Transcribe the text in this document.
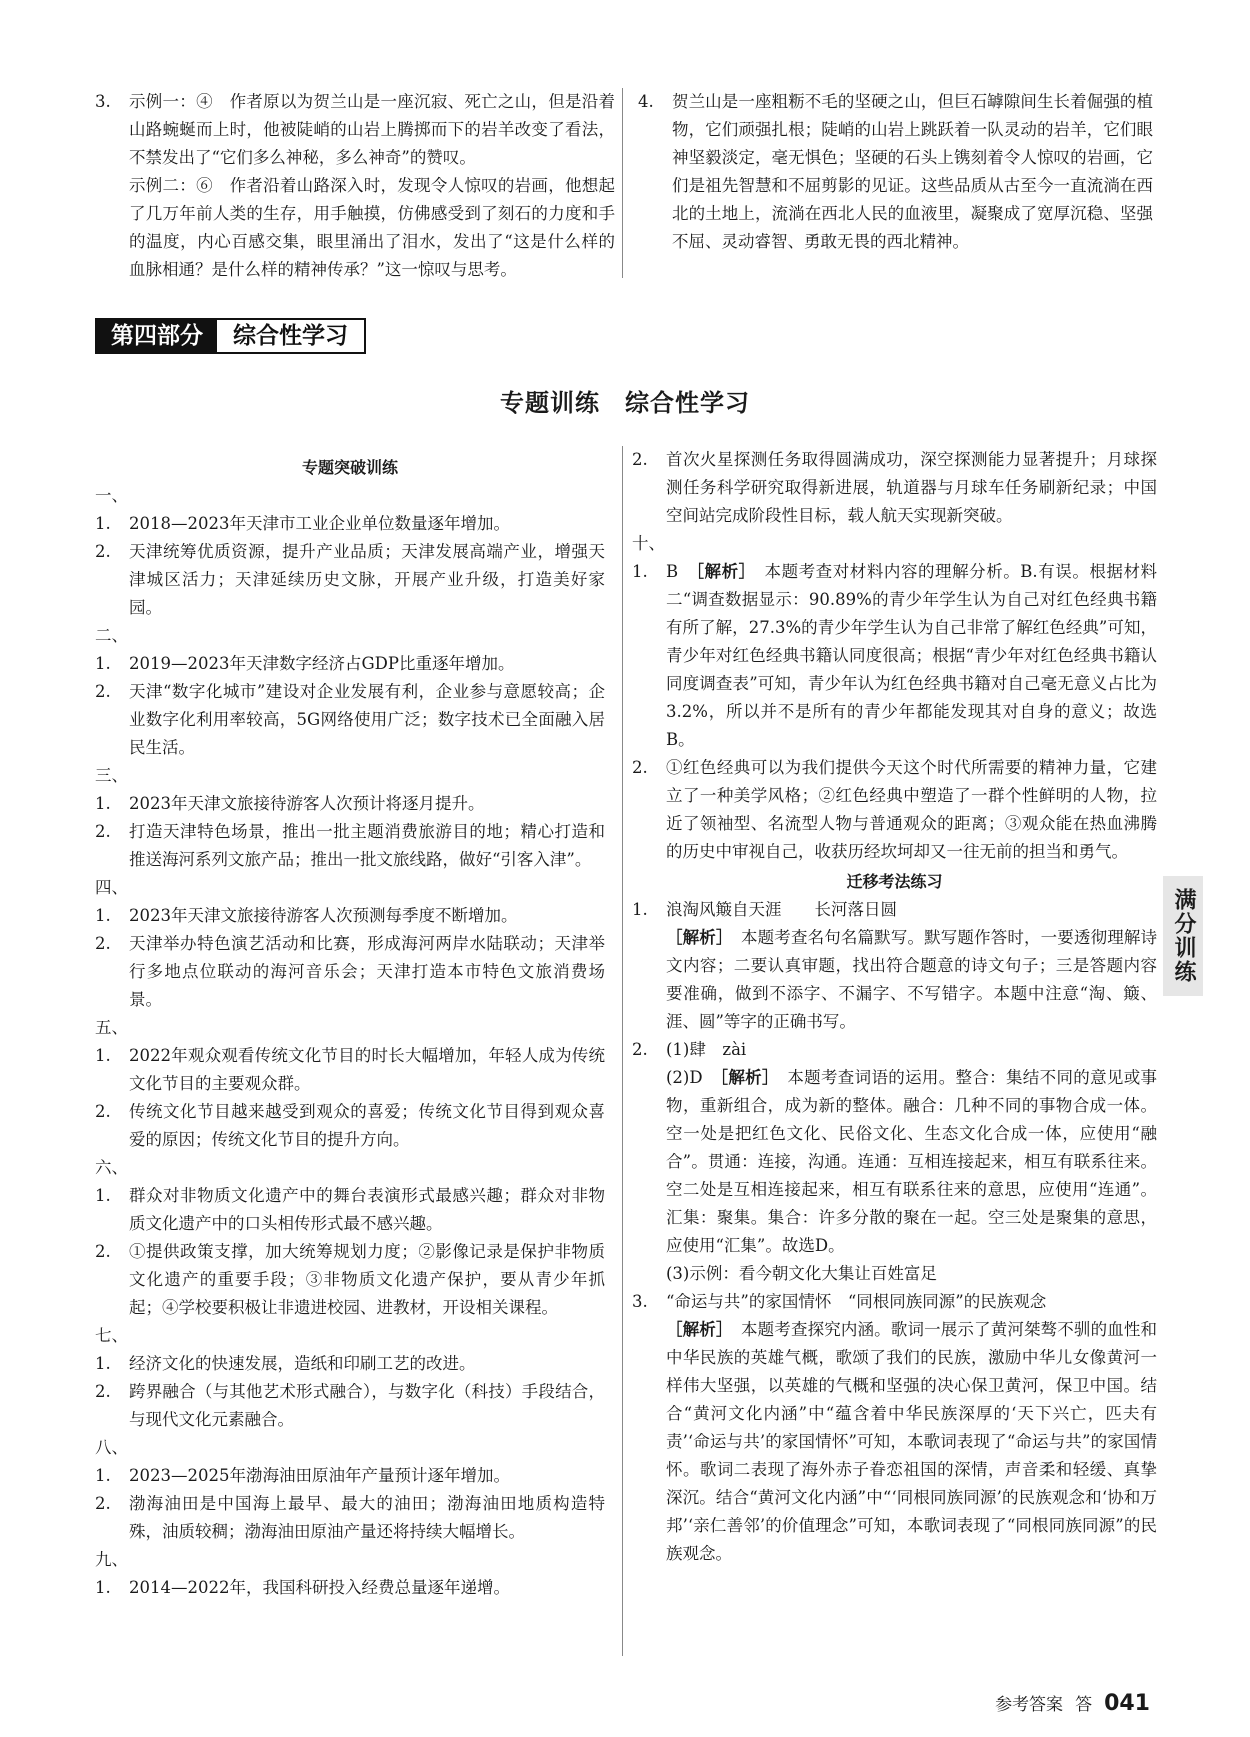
3.	示例一：④　作者原以为贺兰山是一座沉寂、死亡之山，但是沿着山路蜿蜒而上时，他被陡峭的山岩上腾掷而下的岩羊改变了看法，不禁发出了“它们多么神秘，多么神奇”的赞叹。

示例二：⑥　作者沿着山路深入时，发现令人惊叹的岩画，他想起了几万年前人类的生存，用手触摸，仿佛感受到了刻石的力度和手的温度，内心百感交集，眼里涌出了泪水，发出了“这是什么样的血脉相通？是什么样的精神传承？”这一惊叹与思考。

4.	贺兰山是一座粗粝不毛的坚硬之山，但巨石罅隙间生长着倔强的植物，它们顽强扎根；陡峭的山岩上跳跃着一队灵动的岩羊，它们眼神坚毅淡定，毫无惧色；坚硬的石头上镌刻着令人惊叹的岩画，它们是祖先智慧和不屈剪影的见证。这些品质从古至今一直流淌在西北的土地上，流淌在西北人民的血液里，凝聚成了宽厚沉稳、坚强不屈、灵动睿智、勇敢无畏的西北精神。

第四部分	综合性学习
专题训练　综合性学习

专题突破训练

一、

1.	2018—2023年天津市工业企业单位数量逐年增加。

2.	天津统筹优质资源，提升产业品质；天津发展高端产业，增强天津城区活力；天津延续历史文脉，开展产业升级，打造美好家园。

二、

1.	2019—2023年天津数字经济占GDP比重逐年增加。

2.	天津“数字化城市”建设对企业发展有利，企业参与意愿较高；企业数字化利用率较高，5G网络使用广泛；数字技术已全面融入居民生活。

三、

1.	2023年天津文旅接待游客人次预计将逐月提升。

2.	打造天津特色场景，推出一批主题消费旅游目的地；精心打造和推送海河系列文旅产品；推出一批文旅线路，做好“引客入津”。

四、

1.	2023年天津文旅接待游客人次预测每季度不断增加。

2.	天津举办特色演艺活动和比赛，形成海河两岸水陆联动；天津举行多地点位联动的海河音乐会；天津打造本市特色文旅消费场景。

五、

1.	2022年观众观看传统文化节目的时长大幅增加，年轻人成为传统文化节目的主要观众群。

2.	传统文化节目越来越受到观众的喜爱；传统文化节目得到观众喜爱的原因；传统文化节目的提升方向。

六、

1.	群众对非物质文化遗产中的舞台表演形式最感兴趣；群众对非物质文化遗产中的口头相传形式最不感兴趣。

2.	①提供政策支撑，加大统筹规划力度；②影像记录是保护非物质文化遗产的重要手段；③非物质文化遗产保护，要从青少年抓起；④学校要积极让非遗进校园、进教材，开设相关课程。

七、

1.	经济文化的快速发展，造纸和印刷工艺的改进。

2.	跨界融合（与其他艺术形式融合），与数字化（科技）手段结合，与现代文化元素融合。

八、

1.	2023—2025年渤海油田原油年产量预计逐年增加。

2.	渤海油田是中国海上最早、最大的油田；渤海油田地质构造特殊，油质较稠；渤海油田原油产量还将持续大幅增长。

九、

1.	2014—2022年，我国科研投入经费总量逐年递增。

2.	首次火星探测任务取得圆满成功，深空探测能力显著提升；月球探测任务科学研究取得新进展，轨道器与月球车任务刷新纪录；中国空间站完成阶段性目标，载人航天实现新突破。

十、

1.	B　 ［解析］　 本题考查对材料内容的理解分析。B.有误。根据材料二“调查数据显示：90.89%的青少年学生认为自己对红色经典书籍有所了解，27.3%的青少年学生认为自己非常了解红色经典”可知，青少年对红色经典书籍认同度很高；根据“青少年对红色经典书籍认同度调查表”可知，青少年认为红色经典书籍对自己毫无意义占比为3.2%，所以并不是所有的青少年都能发现其对自身的意义；故选B。

2.	①红色经典可以为我们提供今天这个时代所需要的精神力量，它建立了一种美学风格；②红色经典中塑造了一群个性鲜明的人物，拉近了领袖型、名流型人物与普通观众的距离；③观众能在热血沸腾的历史中审视自己，收获历经坎坷却又一往无前的担当和勇气。

迁移考法练习

1.	浪淘风簸自天涯　　长河落日圆

［解析］　 本题考查名句名篇默写。默写题作答时，一要透彻理解诗文内容；二要认真审题，找出符合题意的诗文句子；三是答题内容要准确，做到不添字、不漏字、不写错字。本题中注意“淘、簸、涯、圆”等字的正确书写。

2.	(1)肆　zài

(2)D　 ［解析］　 本题考查词语的运用。整合：集结不同的意见或事物，重新组合，成为新的整体。融合：几种不同的事物合成一体。空一处是把红色文化、民俗文化、生态文化合成一体，应使用“融合”。贯通：连接，沟通。连通：互相连接起来，相互有联系往来。空二处是互相连接起来，相互有联系往来的意思，应使用“连通”。汇集：聚集。集合：许多分散的聚在一起。空三处是聚集的意思，应使用“汇集”。故选D。

(3)示例：看今朝文化大集让百姓富足

3.	“命运与共”的家国情怀　“同根同族同源”的民族观念

［解析］　 本题考查探究内涵。歌词一展示了黄河桀骜不驯的血性和中华民族的英雄气概，歌颂了我们的民族，激励中华儿女像黄河一样伟大坚强，以英雄的气概和坚强的决心保卫黄河，保卫中国。结合“黄河文化内涵”中“蕴含着中华民族深厚的‘天下兴亡，匹夫有责’‘命运与共’的家国情怀”可知，本歌词表现了“命运与共”的家国情怀。歌词二表现了海外赤子眷恋祖国的深情，声音柔和轻缓、真挚深沉。结合“黄河文化内涵”中“‘同根同族同源’的民族观念和‘协和万邦’‘亲仁善邻’的价值理念”可知，本歌词表现了“同根同族同源”的民族观念。

满分训练
参考答案 答 041
